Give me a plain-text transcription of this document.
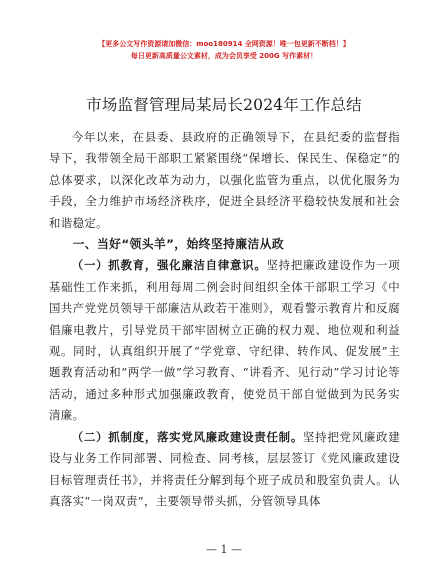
【更多公文写作资源请加微信：moo180914 全网资源！唯一包更新不断档！】
每日更新高质量公文素材，成为会员享受 200G 写作素材！
市场监督管理局某局长2024年工作总结

今年以来，在县委、县政府的正确领导下，在县纪委的监督指导下，我带领全局干部职工紧紧围绕“保增长、保民生、保稳定”的总体要求，以深化改革为动力，以强化监管为重点，以优化服务为手段，全力维护市场经济秩序，促进全县经济平稳较快发展和社会和谐稳定。

一、当好“领头羊”，始终坚持廉洁从政

（一）抓教育，强化廉洁自律意识。坚持把廉政建设作为一项基础性工作来抓，利用每周二例会时间组织全体干部职工学习《中国共产党党员领导干部廉洁从政若干准则》，观看警示教育片和反腐倡廉电教片，引导党员干部牢固树立正确的权力观、地位观和利益观。同时，认真组织开展了“学党章、守纪律、转作风、促发展”主题教育活动和“两学一做”学习教育、“讲看齐、见行动”学习讨论等活动，通过多种形式加强廉政教育，使党员干部自觉做到为民务实清廉。

（二）抓制度，落实党风廉政建设责任制。坚持把党风廉政建设与业务工作同部署、同检查、同考核，层层签订《党风廉政建设目标管理责任书》，并将责任分解到每个班子成员和股室负责人。认真落实“一岗双责”，主要领导带头抓，分管领导具体

— 1 —
